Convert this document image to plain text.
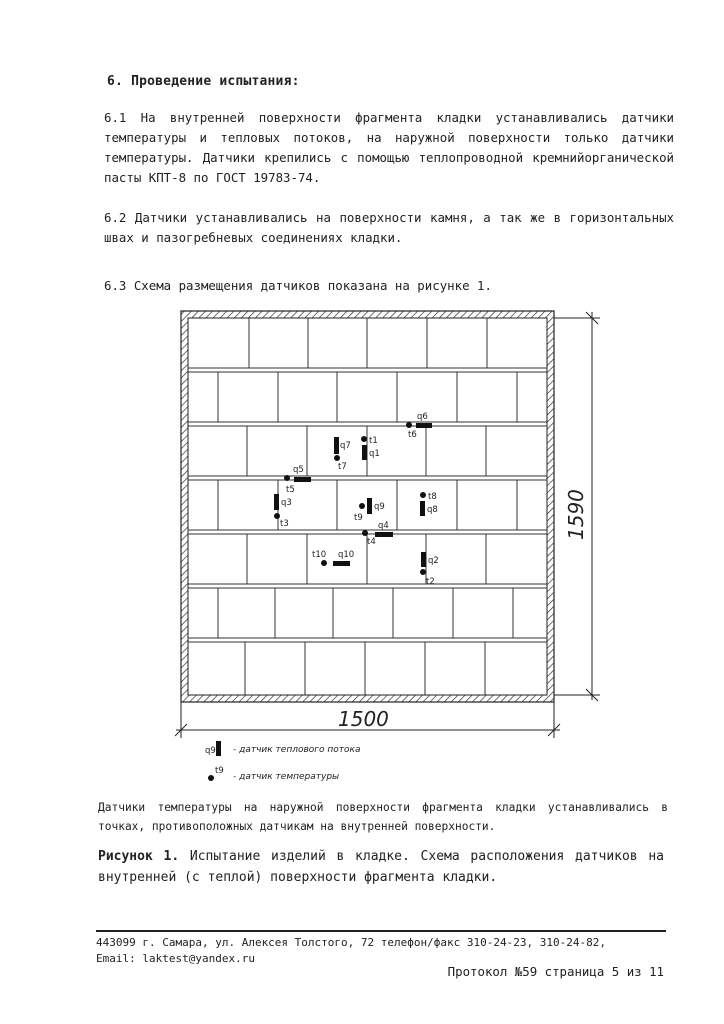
6. Проведение испытания:
6.1 На внутренней поверхности фрагмента кладки устанавливались датчики температуры и тепловых потоков, на наружной поверхности только датчики температуры. Датчики крепились с помощью теплопроводной кремнийорганической пасты КПТ-8 по ГОСТ 19783-74.
6.2 Датчики устанавливались на поверхности камня, а так же в горизонтальных швах и пазогребневых соединениях кладки.
6.3 Схема размещения датчиков показана на рисунке 1.
q6
t6
q7
t7
t1
q1
q5
t5
q3
t3
q9
t9
t8
q8
q4
t4
t10 q10
q2
t2
1590
1500
q9 - датчик теплового потока
t9
- датчик температуры
Датчики температуры на наружной поверхности фрагмента кладки устанавливались в точках, противоположных датчикам на внутренней поверхности.
Рисунок 1. Испытание изделий в кладке. Схема расположения датчиков на внутренней (с теплой) поверхности фрагмента кладки.
443099 г. Самара, ул. Алексея Толстого, 72 телефон/факс 310-24-23, 310-24-82,
Email: laktest@yandex.ru
Протокол №59 страница 5 из 11
